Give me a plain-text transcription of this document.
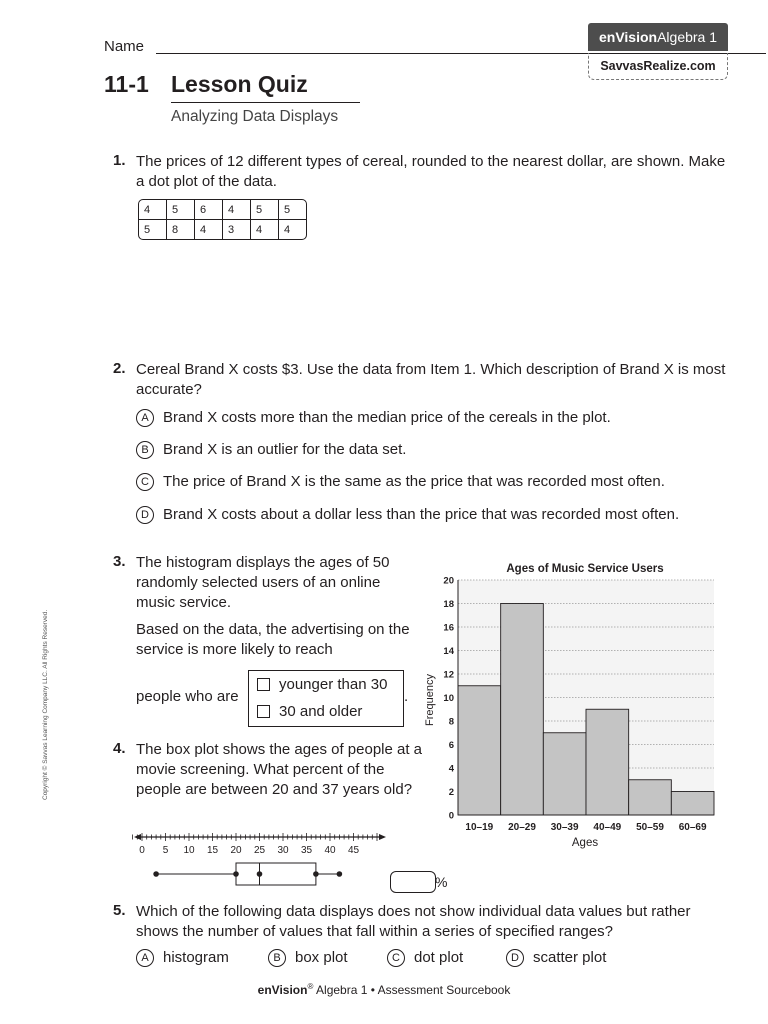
Name
enVision Algebra 1
SavvasRealize.com
11-1 Lesson Quiz
Analyzing Data Displays
Copyright © Savvas Learning Company LLC. All Rights Reserved.
1. The prices of 12 different types of cereal, rounded to the nearest dollar, are shown. Make a dot plot of the data.
4	5	6	4	5	5
5	8	4	3	4	4
2. Cereal Brand X costs $3. Use the data from Item 1. Which description of Brand X is most accurate?
A Brand X costs more than the median price of the cereals in the plot.
B Brand X is an outlier for the data set.
C The price of Brand X is the same as the price that was recorded most often.
D Brand X costs about a dollar less than the price that was recorded most often.
3. The histogram displays the ages of 50 randomly selected users of an online music service.
Based on the data, the advertising on the service is more likely to reach
people who are
younger than 30
30 and older
.
4. The box plot shows the ages of people at a movie screening. What percent of the people are between 20 and 37 years old?
0 5 10 15 20 25 30 35 40 45
%
Ages of Music Service Users
Frequency
Ages
0
2
4
6
8
10
12
14
16
18
20
10–19 20–29 30–39 40–49 50–59 60–69
5. Which of the following data displays does not show individual data values but rather shows the number of values that fall within a series of specified ranges?
A histogram	B box plot	C dot plot	D scatter plot
enVision® Algebra 1 • Assessment Sourcebook
